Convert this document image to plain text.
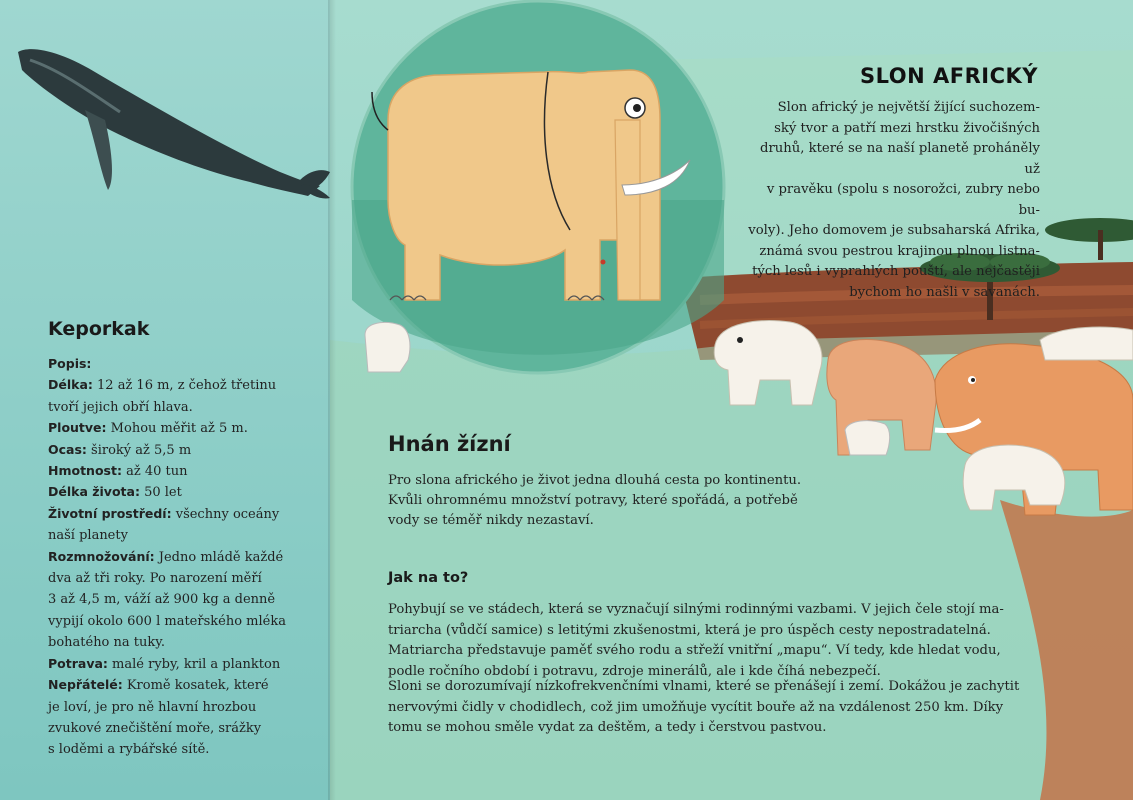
Keporkak
Popis:
Délka: 12 až 16 m, z čehož třetinu
tvoří jejich obří hlava.
Ploutve: Mohou měřit až 5 m.
Ocas: široký až 5,5 m
Hmotnost: až 40 tun
Délka života: 50 let
Životní prostředí: všechny oceány
naší planety
Rozmnožování: Jedno mládě každé
dva až tři roky. Po narození měří
3 až 4,5 m, váží až 900 kg a denně
vypijí okolo 600 l mateřského mléka
bohatého na tuky.
Potrava: malé ryby, kril a plankton
Nepřátelé: Kromě kosatek, které
je loví, je pro ně hlavní hrozbou
zvukové znečištění moře, srážky
s loděmi a rybářské sítě.
SLON AFRICKÝ
Slon africký je největší žijící suchozem-
ský tvor a patří mezi hrstku živočišných
druhů, které se na naší planetě proháněly už
v pravěku (spolu s nosorožci, zubry nebo bu-
voly). Jeho domovem je subsaharská Afrika,
známá svou pestrou krajinou plnou listna-
tých lesů i vyprahlých pouští, ale nejčastěji
bychom ho našli v savanách.
Hnán žízní
Pro slona afrického je život jedna dlouhá cesta po kontinentu.
Kvůli ohromnému množství potravy, které spořádá, a potřebě
vody se téměř nikdy nezastaví.
Jak na to?
Pohybují se ve stádech, která se vyznačují silnými rodinnými vazbami. V jejich čele stojí ma-
triarcha (vůdčí samice) s letitými zkušenostmi, která je pro úspěch cesty nepostradatelná.
Matriarcha představuje paměť svého rodu a střeží vnitřní „mapu“. Ví tedy, kde hledat vodu,
podle ročního období i potravu, zdroje minerálů, ale i kde číhá nebezpečí.
Sloni se dorozumívají nízkofrekvenčními vlnami, které se přenášejí i zemí. Dokážou je zachytit
nervovými čidly v chodidlech, což jim umožňuje vycítit bouře až na vzdálenost 250 km. Díky
tomu se mohou směle vydat za deštěm, a tedy i čerstvou pastvou.
